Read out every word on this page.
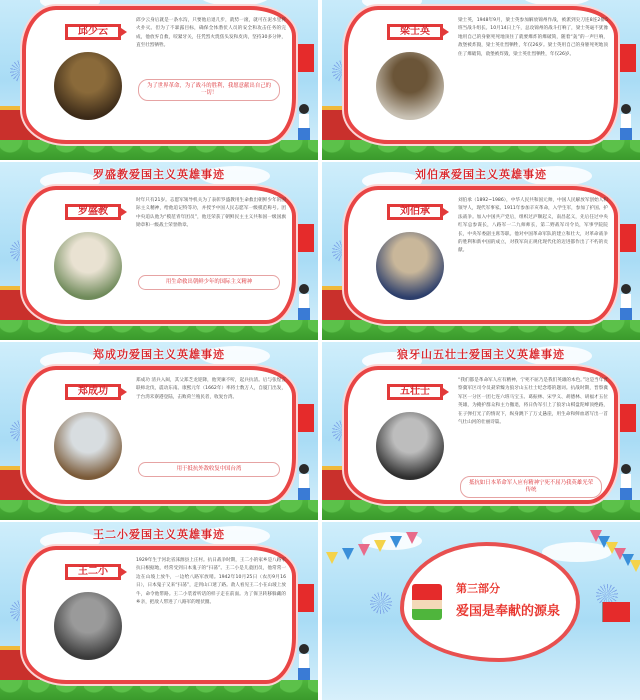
邱少云
邱少云身后就是一条水沟，只要他后退几步，就势一滚，就可在泥水里将火扑灭。但为了不暴露目标，确保全体潜伏人员的安全和攻击任务的完成，他放弃自救，咬紧牙关，任凭烈火烧焦头发和皮肉，坚持30多分钟，直至壮烈牺牲。
为了世界革命，为了战斗的胜利，我愿意献出自己的一切！
梁士英
梁士英，1948年9月，梁士英参加解放锦州作战，被派到尖刀连8连2排5班当战斗组长。10月14日上午，总攻锦州的战斗打响了，梁士英毫不犹豫地用自己的身躯死死地顶住了就要爆炸的爆破筒，随着“轰”的一声巨响，敌堡被炸毁，梁士英壮烈牺牲，年仅26岁。梁士英用自己的身躯死死地顶住了爆破筒，敌堡被炸毁，梁士英壮烈牺牲，年仅26岁。
罗盛教爱国主义英雄事迹
罗盛教
时年只有21岁。志愿军领导机关为了表彰罗盛教用生命救出朝鲜少年的国际主义精神，给他追记特等功，并授予中国人民志愿军一级模范称号。团中央追认他为“模范青年团员”，他还荣获了朝鲜民主主义共和国一级国旗勋章和一级战士荣誉勋章。
用生命救出朝鲜少年的国际主义精神
刘伯承爱国主义英雄事迹
刘伯承
刘伯承（1892~1986），中华人民共和国元帅，中国人民解放军创始人和领导人，现代军事家。1911年参加辛亥革命，入学生军，参加了护国、护法战争。加入中国共产党后，组织过泸顺起义，南昌起义，先后任过中央红军总参谋长，八路军一二九师师长，第二野战军司令员，军事学院院长，中央军委副主席等职。他对中国革命军队的建立和壮大，对革命战争的胜利和新中国的成立，对我军向正规化现代化的迈进都作出了不朽的贡献。
郑成功爱国主义英雄事迹
郑成功
郑成功 清兵入闽，其父郑芝龙迎降，他哭谏不听，起兵抗清。后与张煌言联师北伐，震动东南。康熙元年（1662年）率将士数万人，自厦门出发，于台湾禾寮港登陆，击败荷兰殖民者，收复台湾。
用于抵抗外敌收复中国台湾
狼牙山五壮士爱国主义英雄事迹
五壮士
“我们都是革命军人应有精神，宁死不屈乃是我们英雄的本色。”这是当年晋察冀军区司令员聂荣臻为狼牙山五壮士纪念塔的题词。抗战时期，晋察冀军区一分区一团七连六班马宝玉、葛振林、宋学义、胡德林、胡福才五位英雄，为掩护群众和主力撤退，将日伪军引上了狼牙山棋盘陀峰顶绝路，在子弹打光了的情况下，纵身跳下了万丈悬崖，用生命和鲜血谱写出一首气壮山河的壮丽诗篇。
抵抗如日本革命军人应有精神宁死不屈乃我英雄光荣传统
王二小爱国主义英雄事迹
王二小
1929年生于河北省涞源县上庄村。抗日战争时期，王二小的家乡是八路军抗日根据地，经常受到日本鬼子的“扫荡”。王二小是儿童团员，他常常一边在山坡上放牛，一边给八路军放哨。1942年10月25日（农历9月16日），日本鬼子又来“扫荡”，走到山口迷了路。敌人看见王二小在山坡上放牛，命令他带路。王二小装着听话的样子走在前面。为了保卫转移躲藏的乡亲，把敌人带进了八路军的埋伏圈。
第三部分
爱国是奉献的源泉
